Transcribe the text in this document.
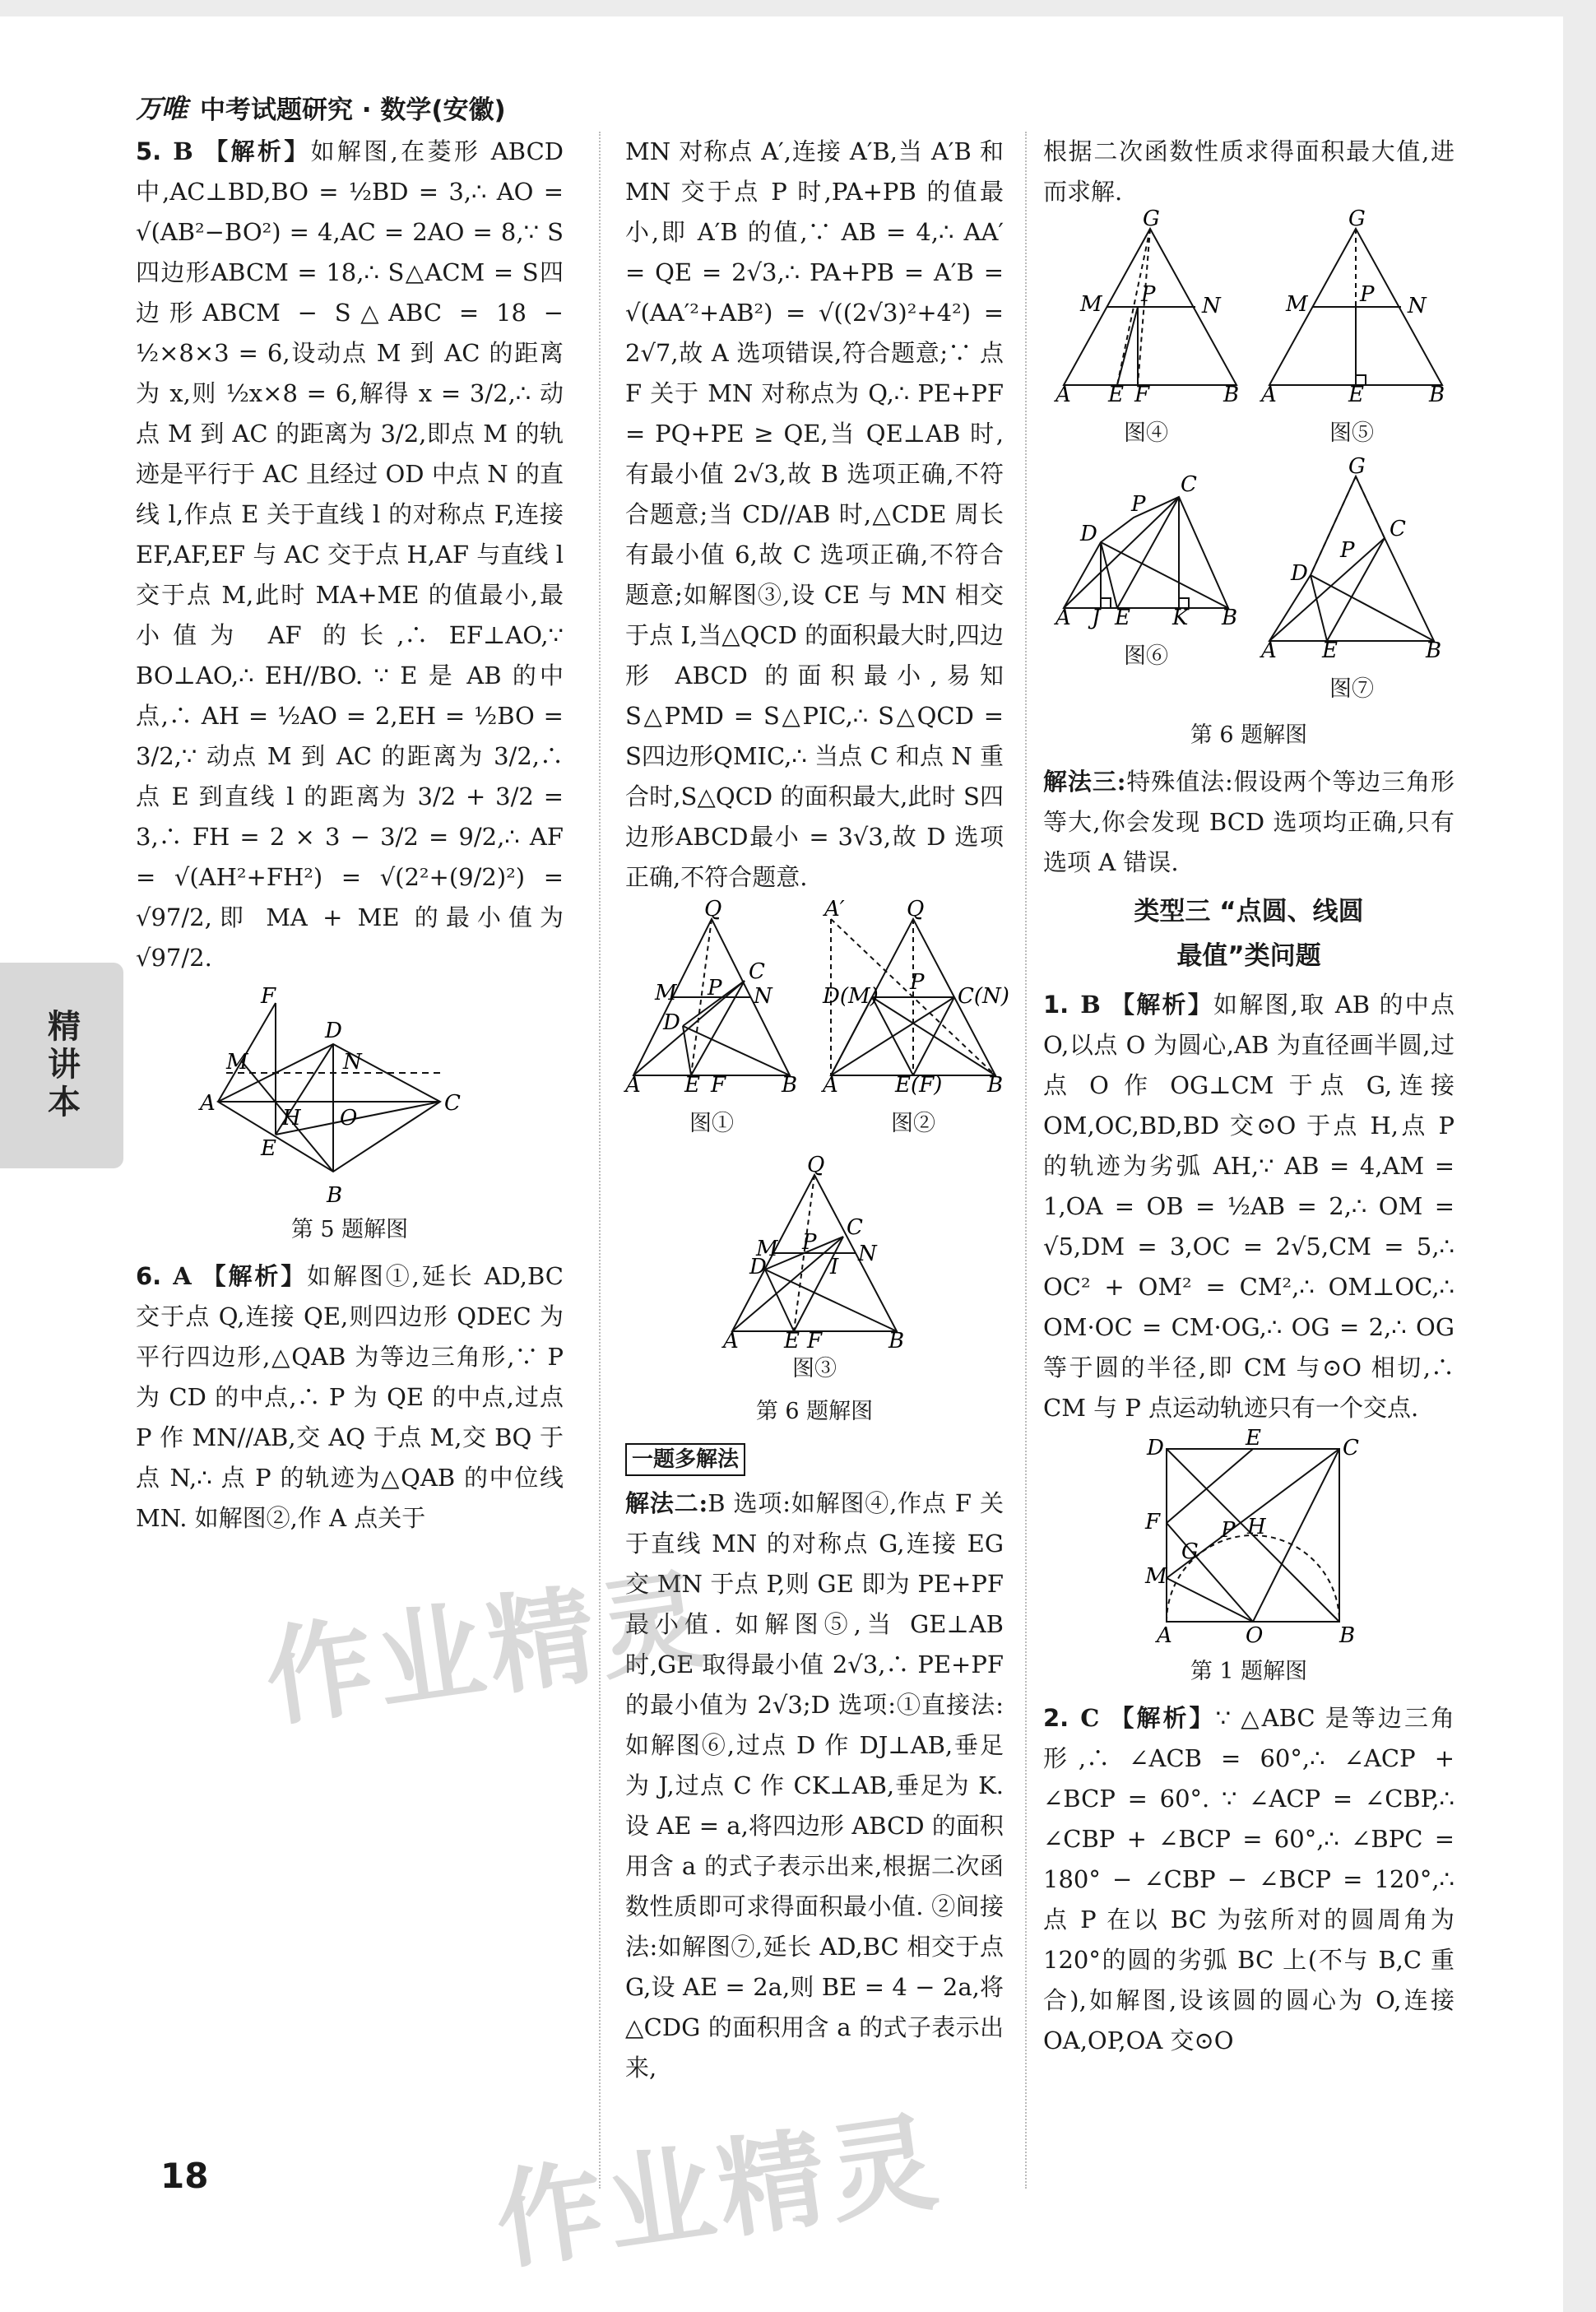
万唯 中考试题研究 · 数学(安徽)
精讲本

5. B 【解析】如解图,在菱形 ABCD 中,AC⊥BD,BO = ½BD = 3,∴ AO = √(AB²−BO²) = 4,AC = 2AO = 8,∵ S四边形ABCM = 18,∴ S△ACM = S四边形ABCM − S△ABC = 18 − ½×8×3 = 6,设动点 M 到 AC 的距离为 x,则 ½x×8 = 6,解得 x = 3/2,∴ 动点 M 到 AC 的距离为 3/2,即点 M 的轨迹是平行于 AC 且经过 OD 中点 N 的直线 l,作点 E 关于直线 l 的对称点 F,连接 EF,AF,EF 与 AC 交于点 H,AF 与直线 l 交于点 M,此时 MA+ME 的值最小,最小值为 AF 的长,∴ EF⊥AO,∵ BO⊥AO,∴ EH//BO. ∵ E 是 AB 的中点,∴ AH = ½AO = 2,EH = ½BO = 3/2,∵ 动点 M 到 AC 的距离为 3/2,∴ 点 E 到直线 l 的距离为 3/2 + 3/2 = 3,∴ FH = 2 × 3 − 3/2 = 9/2,∴ AF = √(AH²+FH²) = √(2²+(9/2)²) = √97/2,即 MA + ME 的最小值为 √97/2.

F
D
M	N
A	C
H O
E
B
第 5 题解图

6. A 【解析】如解图①,延长 AD,BC 交于点 Q,连接 QE,则四边形 QDEC 为平行四边形,△QAB 为等边三角形,∵ P 为 CD 的中点,∴ P 为 QE 的中点,过点 P 作 MN//AB,交 AQ 于点 M,交 BQ 于点 N,∴ 点 P 的轨迹为△QAB 的中位线 MN. 如解图②,作 A 点关于

MN 对称点 A′,连接 A′B,当 A′B 和 MN 交于点 P 时,PA+PB 的值最小,即 A′B 的值,∵ AB = 4,∴ AA′ = QE = 2√3,∴ PA+PB = A′B = √(AA′²+AB²) = √((2√3)²+4²) = 2√7,故 A 选项错误,符合题意;∵ 点 F 关于 MN 对称点为 Q,∴ PE+PF = PQ+PE ≥ QE,当 QE⊥AB 时,有最小值 2√3,故 B 选项正确,不符合题意;当 CD//AB 时,△CDE 周长有最小值 6,故 C 选项正确,不符合题意;如解图③,设 CE 与 MN 相交于点 I,当△QCD 的面积最大时,四边形 ABCD 的面积最小,易知 S△PMD = S△PIC,∴ S△QCD = S四边形QMIC,∴ 当点 C 和点 N 重合时,S△QCD 的面积最大,此时 S四边形ABCD最小 = 3√3,故 D 选项正确,不符合题意.

Q
C
M P N
D
A E F	B
图①
A′	Q
D(M)	C(N)
P
A	E(F) B
图②
Q
C
M P N
D	I
A E F	B
图③
第 6 题解图
一题多解法

解法二:B 选项:如解图④,作点 F 关于直线 MN 的对称点 G,连接 EG 交 MN 于点 P,则 GE 即为 PE+PF 最小值. 如解图⑤,当 GE⊥AB 时,GE 取得最小值 2√3,∴ PE+PF 的最小值为 2√3;D 选项:①直接法:如解图⑥,过点 D 作 DJ⊥AB,垂足为 J,过点 C 作 CK⊥AB,垂足为 K. 设 AE = a,将四边形 ABCD 的面积用含 a 的式子表示出来,根据二次函数性质即可求得面积最小值. ②间接法:如解图⑦,延长 AD,BC 相交于点 G,设 AE = 2a,则 BE = 4 − 2a,将△CDG 的面积用含 a 的式子表示出来,

根据二次函数性质求得面积最大值,进而求解.

G
M P N
A E F	B
图④
G
M P N
A	E	B
图⑤
D
P
C
A J E K B
图⑥
G
D
P
C
A E	B
图⑦
第 6 题解图

解法三:特殊值法:假设两个等边三角形等大,你会发现 BCD 选项均正确,只有选项 A 错误.

类型三 “点圆、线圆
最值”类问题

1. B 【解析】如解图,取 AB 的中点 O,以点 O 为圆心,AB 为直径画半圆,过点 O 作 OG⊥CM 于点 G,连接 OM,OC,BD,BD 交⊙O 于点 H,点 P 的轨迹为劣弧 AH,∵ AB = 4,AM = 1,OA = OB = ½AB = 2,∴ OM = √5,DM = 3,OC = 2√5,CM = 5,∴ OC² + OM² = CM²,∴ OM⊥OC,∴ OM·OC = CM·OG,∴ OG = 2,∴ OG 等于圆的半径,即 CM 与⊙O 相切,∴ CM 与 P 点运动轨迹只有一个交点.

D	E	C
F
G
P H
M
A	O	B
第 1 题解图

2. C 【解析】∵ △ABC 是等边三角形,∴ ∠ACB = 60°,∴ ∠ACP + ∠BCP = 60°. ∵ ∠ACP = ∠CBP,∴ ∠CBP + ∠BCP = 60°,∴ ∠BPC = 180° − ∠CBP − ∠BCP = 120°,∴ 点 P 在以 BC 为弦所对的圆周角为 120°的圆的劣弧 BC 上(不与 B,C 重合),如解图,设该圆的圆心为 O,连接 OA,OP,OA 交⊙O

18
作业精灵
作业精灵
